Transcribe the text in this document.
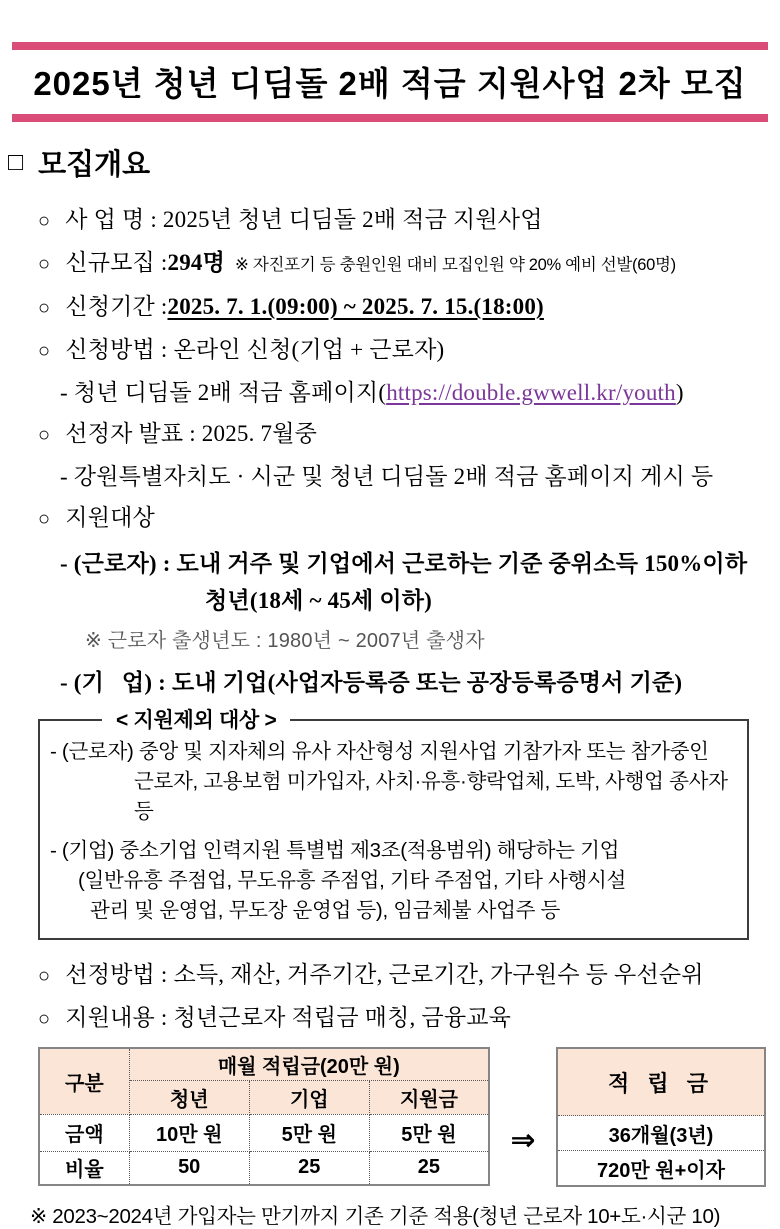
2025년 청년 디딤돌 2배 적금 지원사업 2차 모집
□ 모집개요
○ 사 업 명 : 2025년 청년 디딤돌 2배 적금 지원사업
○ 신규모집 : 294명 ※ 자진포기 등 충원인원 대비 모집인원 약 20% 예비 선발(60명)
○ 신청기간 : 2025. 7. 1.(09:00) ~ 2025. 7. 15.(18:00)
○ 신청방법 : 온라인 신청(기업 + 근로자)
- 청년 디딤돌 2배 적금 홈페이지( https://double.gwwell.kr/youth )
○ 선정자 발표 : 2025. 7월중
- 강원특별자치도 · 시군 및 청년 디딤돌 2배 적금 홈페이지 게시 등
○ 지원대상
- (근로자) : 도내 거주 및 기업에서 근로하는 기준 중위소득 150%이하
청년(18세 ~ 45세 이하)
※ 근로자 출생년도 : 1980년 ~ 2007년 출생자
- (기   업) : 도내 기업(사업자등록증 또는 공장등록증명서 기준)
< 지원제외 대상 >
- (근로자) 중앙 및 지자체의 유사 자산형성 지원사업 기참가자 또는 참가중인
근로자, 고용보험 미가입자, 사치·유흥·향락업체, 도박, 사행업 종사자 등
- (기업) 중소기업 인력지원 특별법 제3조(적용범위) 해당하는 기업
(일반유흥 주점업, 무도유흥 주점업, 기타 주점업, 기타 사행시설
관리 및 운영업, 무도장 운영업 등), 임금체불 사업주 등
○ 선정방법 : 소득, 재산, 거주기간, 근로기간, 가구원수 등 우선순위
○ 지원내용 : 청년근로자 적립금 매칭, 금융교육
구분	매월 적립금(20만 원)		
	청년	기업	지원금
금액	10만 원	5만 원	5만 원
비율	50	25	25
⇒
적 립 금
36개월(3년)
720만 원+이자
※ 2023~2024년 가입자는 만기까지 기존 기준 적용(청년 근로자 10+도·시군 10)
